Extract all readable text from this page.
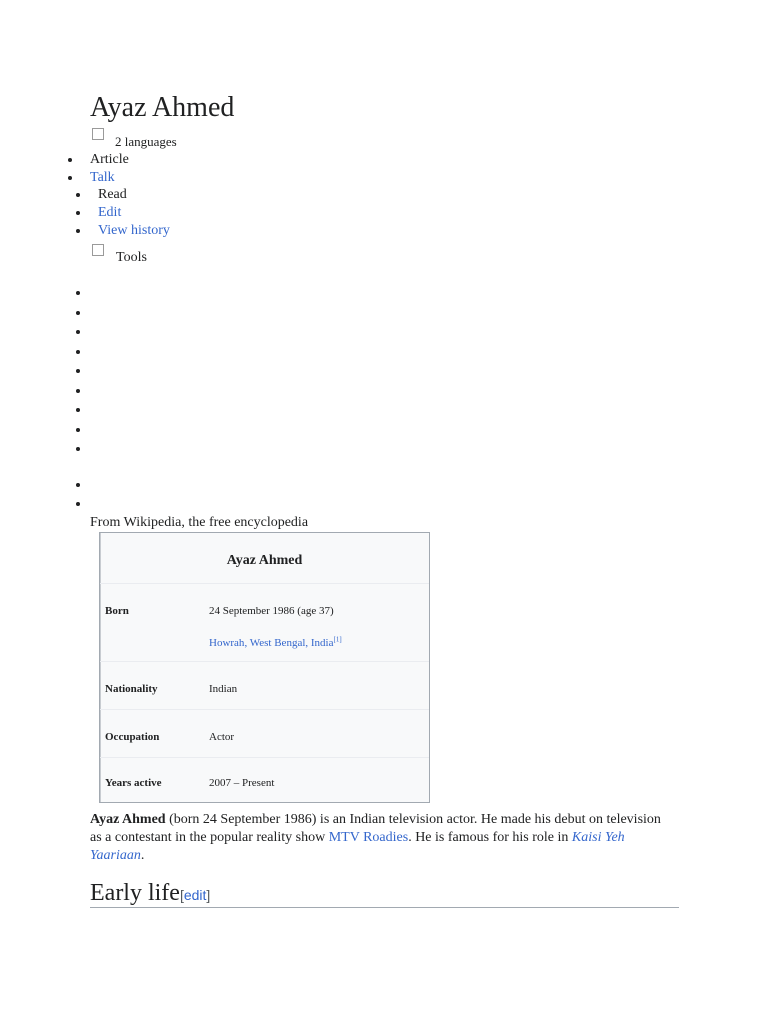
Ayaz Ahmed
2 languages
Article
Talk
Read
Edit
View history
Tools
From Wikipedia, the free encyclopedia
Ayaz Ahmed
Born	24 September 1986 (age 37)
Howrah, West Bengal, India[1]
Nationality	Indian
Occupation	Actor
Years active	2007 – Present

Ayaz Ahmed (born 24 September 1986) is an Indian television actor. He made his debut on television as a contestant in the popular reality show MTV Roadies. He is famous for his role in Kaisi Yeh Yaariaan.

Early life[edit]
